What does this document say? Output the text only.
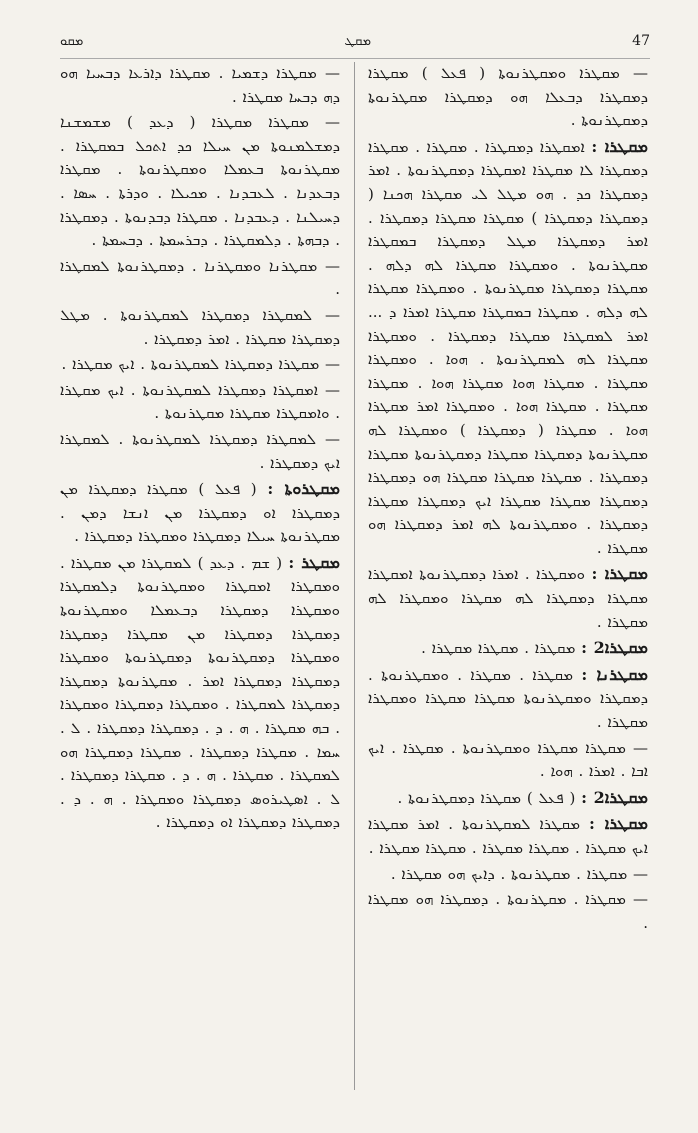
ܡܩܘ	ܡܩܛ	47

— ܡܩܛܪܐ ܘܡܩܛܪܢܘܬܐ ( ܦܥܠ ) ܡܩܛܪܐ ܕܡܩܛܪܐ ܕܒܥܠܐ ܗܘ ܕܡܩܛܪܐ ܡܩܛܪܢܘܬܐ ܕܡܩܛܪܢܘܬܐ .

ܡܩܛܪܐ : ܐܡܩܛܪܐ ܕܡܩܛܪܐ . ܡܩܛܪܐ . ܡܩܛܪܐ ܕܡܩܛܪܐ ܠܐ ܡܩܛܪܐ ܐܡܩܛܪܐ ܕܡܩܛܪܢܘܬܐ . ܐܡܪ ܕܡܩܛܪܐ ܟܕ . ܗܘ ܡܛܠ ܠܝ ܡܩܛܪܐ ܗܟܢܐ ( ܕܡܩܛܪܐ ܕܡܩܛܪܐ ) ܡܩܛܪܐ ܡܩܛܪܐ ܕܡܩܛܪܐ . ܐܡܪ ܕܡܩܛܪܐ ܡܛܠ ܕܡܩܛܪܐ ܒܡܩܛܪܐ ܡܩܛܪܢܘܬܐ . ܘܡܩܛܪܐ ܡܩܛܪܐ ܠܗ ܕܠܗ . ܡܩܛܪܐ ܕܡܩܛܪܐ ܡܩܛܪܢܘܬܐ . ܘܡܩܛܪܐ ܡܩܛܪܐ ܠܗ ܕܠܗ . ܡܩܛܪܐ ܒܡܩܛܪܐ ܡܩܛܪܐ ܐܡܪܐ ܕ ... ܐܡܪ ܠܡܩܛܪܐ ܡܩܛܪܐ ܕܡܩܛܪܐ . ܘܡܩܛܪܐ ܡܩܛܪܐ ܠܗ ܠܡܩܛܪܢܘܬܐ . ܗܘܐ . ܘܡܩܛܪܐ ܡܩܛܪܐ . ܡܩܛܪܐ ܗܘܐ ܡܩܛܪܐ ܗܘܐ . ܡܩܛܪܐ ܡܩܛܪܐ . ܡܩܛܪܐ ܗܘܐ . ܘܡܩܛܪܐ ܐܡܪ ܡܩܛܪܐ ܗܘܐ . ܡܩܛܪܐ ( ܕܡܩܛܪܐ ) ܘܡܩܛܪܐ ܠܗ ܡܩܛܪܢܘܬܐ ܕܡܩܛܪܐ ܡܩܛܪܐ ܕܡܩܛܪܢܘܬܐ ܡܩܛܪܐ ܕܡܩܛܪܐ . ܡܩܛܪܐ ܡܩܛܪܐ ܡܩܛܪܐ ܗܘ ܕܡܩܛܪܐ ܕܡܩܛܪܐ ܡܩܛܪܐ ܡܩܛܪܐ ܐܝܟ ܕܡܩܛܪܐ ܡܩܛܪܐ ܕܡܩܛܪܐ . ܘܡܩܛܪܢܘܬܐ ܠܗ ܐܡܪ ܕܡܩܛܪܐ ܗܘ ܡܩܛܪܐ .

ܡܩܛܪܐ : ܘܡܩܛܪܐ . ܐܡܪܐ ܕܡܩܛܪܢܘܬܐ ܐܡܩܛܪܐ ܡܩܛܪܐ ܕܡܩܛܪܐ ܠܗ ܡܩܛܪܐ ܘܡܩܛܪܐ ܠܗ ܡܩܛܪܐ .

ܡܩܛܪܐ2 : ܡܩܛܪܐ . ܡܩܛܪܐ ܡܩܛܪܐ .

ܡܩܛܪܢܐ : ܡܩܛܪܐ . ܡܩܛܪܐ . ܘܡܩܛܪܢܘܬܐ . ܕܡܩܛܪܐ ܘܡܩܛܪܢܘܬܐ ܡܩܛܪܐ ܡܩܛܪܐ ܘܡܩܛܪܐ ܡܩܛܪܐ .

— ܡܩܛܪܐ ܡܩܛܪܐ ܘܡܩܛܪܢܘܬܐ . ܡܩܛܪܐ . ܐܝܟ ܐܒܐ . ܐܡܪܐ . ܗܘܐ .

ܡܩܛܪܐ2 : ( ܦܥܠ ) ܡܩܛܪܐ ܕܡܩܛܪܢܘܬܐ .

ܡܩܛܪܐ : ܡܩܛܪܐ ܠܡܩܛܪܢܘܬܐ . ܐܡܪ ܡܩܛܪܐ ܐܝܟ ܡܩܛܪܐ . ܡܩܛܪܐ ܡܩܛܪܐ . ܡܩܛܪܐ ܡܩܛܪܐ .

— ܡܩܛܪܐ . ܡܩܛܪܢܘܬܐ . ܕܐܝܟ ܗܘ ܡܩܛܪܐ .

— ܡܩܛܪܐ . ܡܩܛܪܢܘܬܐ . ܕܡܩܛܪܐ ܗܘ ܡܩܛܪܐ .

— ܡܩܛܪܐ ܕܫܡܝܐ . ܡܩܛܪܐ ܕܐܪܥܐ ܕܒܚܝܐ ܗܘ ܕܗ ܕܒܚܐ ܡܩܛܪܐ .

— ܡܩܛܪܐ ܡܩܛܪܐ ( ܕܥܕ ) ܡܫܡܫܢܐ ܕܡܫܠܡܢܘܬܐ ܡܢ ܚܝܠܐ ܟܕ ܐܬܟܠ ܒܡܩܛܪܐ . ܡܩܛܪܢܘܬܐ ܒܥܡܠܐ ܘܡܩܛܪܢܘܬܐ . ܡܩܛܪܐ ܕܒܥܕܢܐ . ܠܥܒܕܢܐ . ܡܟܝܠܐ . ܘܕܪܬܐ . ܚܣܐ . ܕܚܝܠܢܐ . ܕܥܒܕܢܐ . ܡܩܛܪܐ ܕܒܕܢܘܬܐ . ܕܡܩܛܪܐ . ܕܒܗܬܐ . ܕܠܡܩܛܪܐ . ܕܒܪܚܡܬܐ . ܕܒܚܡܬܐ .

— ܡܩܛܪܢܐ ܘܡܩܛܪܢܐ . ܕܡܩܛܪܢܘܬܐ ܠܡܩܛܪܐ .

— ܠܡܩܛܪܐ ܕܡܩܛܪܐ ܠܡܩܛܪܢܘܬܐ . ܡܛܠ ܕܡܩܛܪܐ ܡܩܛܪܐ . ܐܡܪ ܕܡܩܛܪܐ .

— ܡܩܛܪܐ ܕܡܩܛܪܐ ܠܡܩܛܪܢܘܬܐ . ܐܝܟ ܡܩܛܪܐ .

— ܐܡܩܛܪܐ ܕܡܩܛܪܐ ܠܡܩܛܪܢܘܬܐ . ܐܝܟ ܡܩܛܪܐ . ܘܐܡܩܛܪܐ ܡܩܛܪܐ ܡܩܛܪܢܘܬܐ .

— ܠܡܩܛܪܐ ܕܡܩܛܪܐ ܠܡܩܛܪܢܘܬܐ . ܠܡܩܛܪܐ ܐܝܟ ܕܡܩܛܪܐ .

ܡܩܛܪܘܬܐ : ( ܦܥܠ ) ܡܩܛܪܐ ܕܡܩܛܪܐ ܡܢ ܕܡܩܛܪܐ ܐܘ ܕܡܩܛܪܐ ܡܢ ܐܢܫܐ ܕܡܢ . ܡܩܛܪܢܘܬܐ ܚܝܠܐ ܕܡܩܛܪܐ ܘܡܩܛܪܐ ܕܡܩܛܪܐ .

ܡܩܛܪ : ( ܫܡ . ܕܥܕ ) ܠܡܩܛܪܐ ܡܢ ܡܩܛܪܐ . ܘܡܩܛܪܐ ܐܡܩܛܪܐ ܘܡܩܛܪܢܘܬܐ ܕܠܡܩܛܪܐ ܘܡܩܛܪܐ ܕܡܩܛܪܐ ܕܒܥܡܠܐ ܘܡܩܛܪܢܘܬܐ ܕܡܩܛܪܐ ܕܡܩܛܪܐ ܡܢ ܡܩܛܪܐ ܕܡܩܛܪܐ ܘܡܩܛܪܐ ܕܡܩܛܪܢܘܬܐ ܕܡܩܛܪܢܘܬܐ ܘܡܩܛܪܐ ܕܡܩܛܪܐ ܕܡܩܛܪܐ ܐܡܪ . ܡܩܛܪܢܘܬܐ ܕܡܩܛܪܐ ܕܡܩܛܪܐ ܠܡܩܛܪܐ . ܘܡܩܛܪܐ ܕܡܩܛܪܐ ܘܡܩܛܪܐ . ܒܗ ܡܩܛܪܐ . ܗ . ܕ . ܕܡܩܛܪܐ ܕܡܩܛܪܐ . ܠ . ܚܡܐ . ܡܩܛܪܐ ܕܡܩܛܪܐ . ܡܩܛܪܐ ܕܡܩܛܪܐ ܗܘ ܠܡܩܛܪܐ . ܡܩܛܪܐ . ܗ . ܕ . ܡܩܛܪܐ ܕܡܩܛܪܐ . ܠ . ܐܣܛܝܪܘܣ ܕܡܩܛܪܐ ܘܡܩܛܪܐ . ܗ . ܕ . ܕܡܩܛܪܐ ܕܡܩܛܪܐ ܐܘ ܕܡܩܛܪܐ .
